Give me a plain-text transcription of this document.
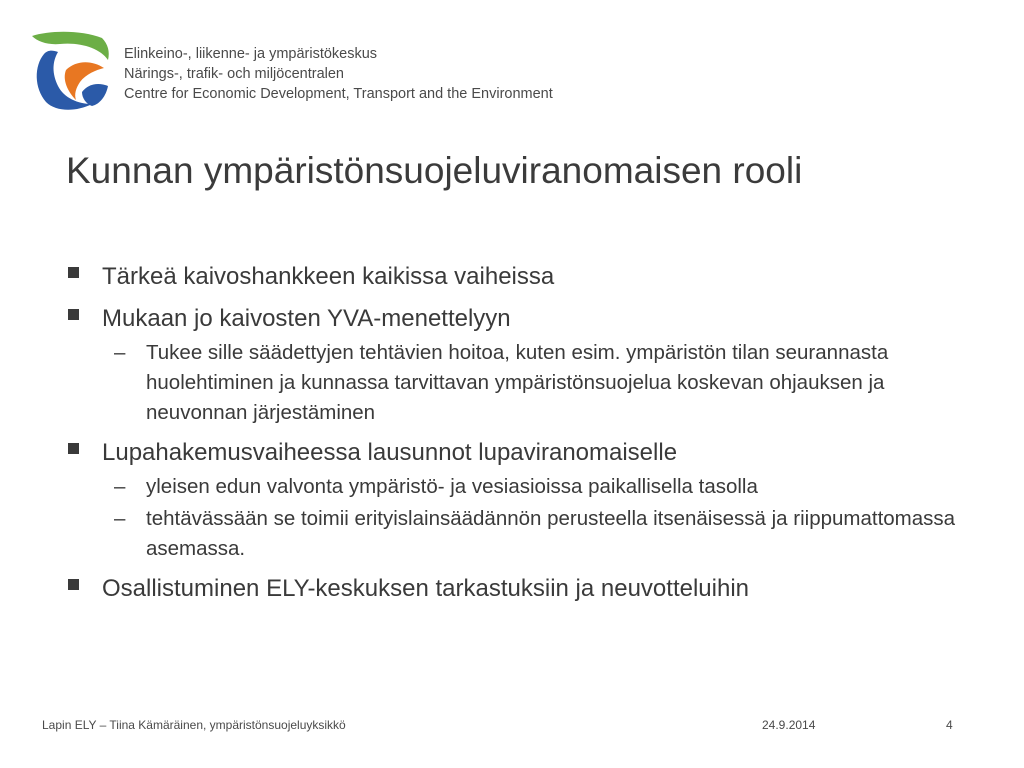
Elinkeino-, liikenne- ja ympäristökeskus
Närings-, trafik- och miljöcentralen
Centre for Economic Development, Transport and the Environment
Kunnan ympäristönsuojeluviranomaisen rooli
Tärkeä kaivoshankkeen kaikissa vaiheissa
Mukaan jo kaivosten YVA-menettelyyn
– Tukee sille säädettyjen tehtävien hoitoa, kuten esim. ympäristön tilan seurannasta huolehtiminen ja kunnassa tarvittavan ympäristönsuojelua koskevan ohjauksen ja neuvonnan järjestäminen
Lupahakemusvaiheessa lausunnot lupaviranomaiselle
– yleisen edun valvonta ympäristö- ja vesiasioissa paikallisella tasolla
– tehtävässään se toimii erityislainsäädännön perusteella itsenäisessä ja riippumattomassa asemassa.
Osallistuminen ELY-keskuksen tarkastuksiin ja neuvotteluihin
Lapin ELY – Tiina Kämäräinen, ympäristönsuojeluyksikkö	24.9.2014	4
